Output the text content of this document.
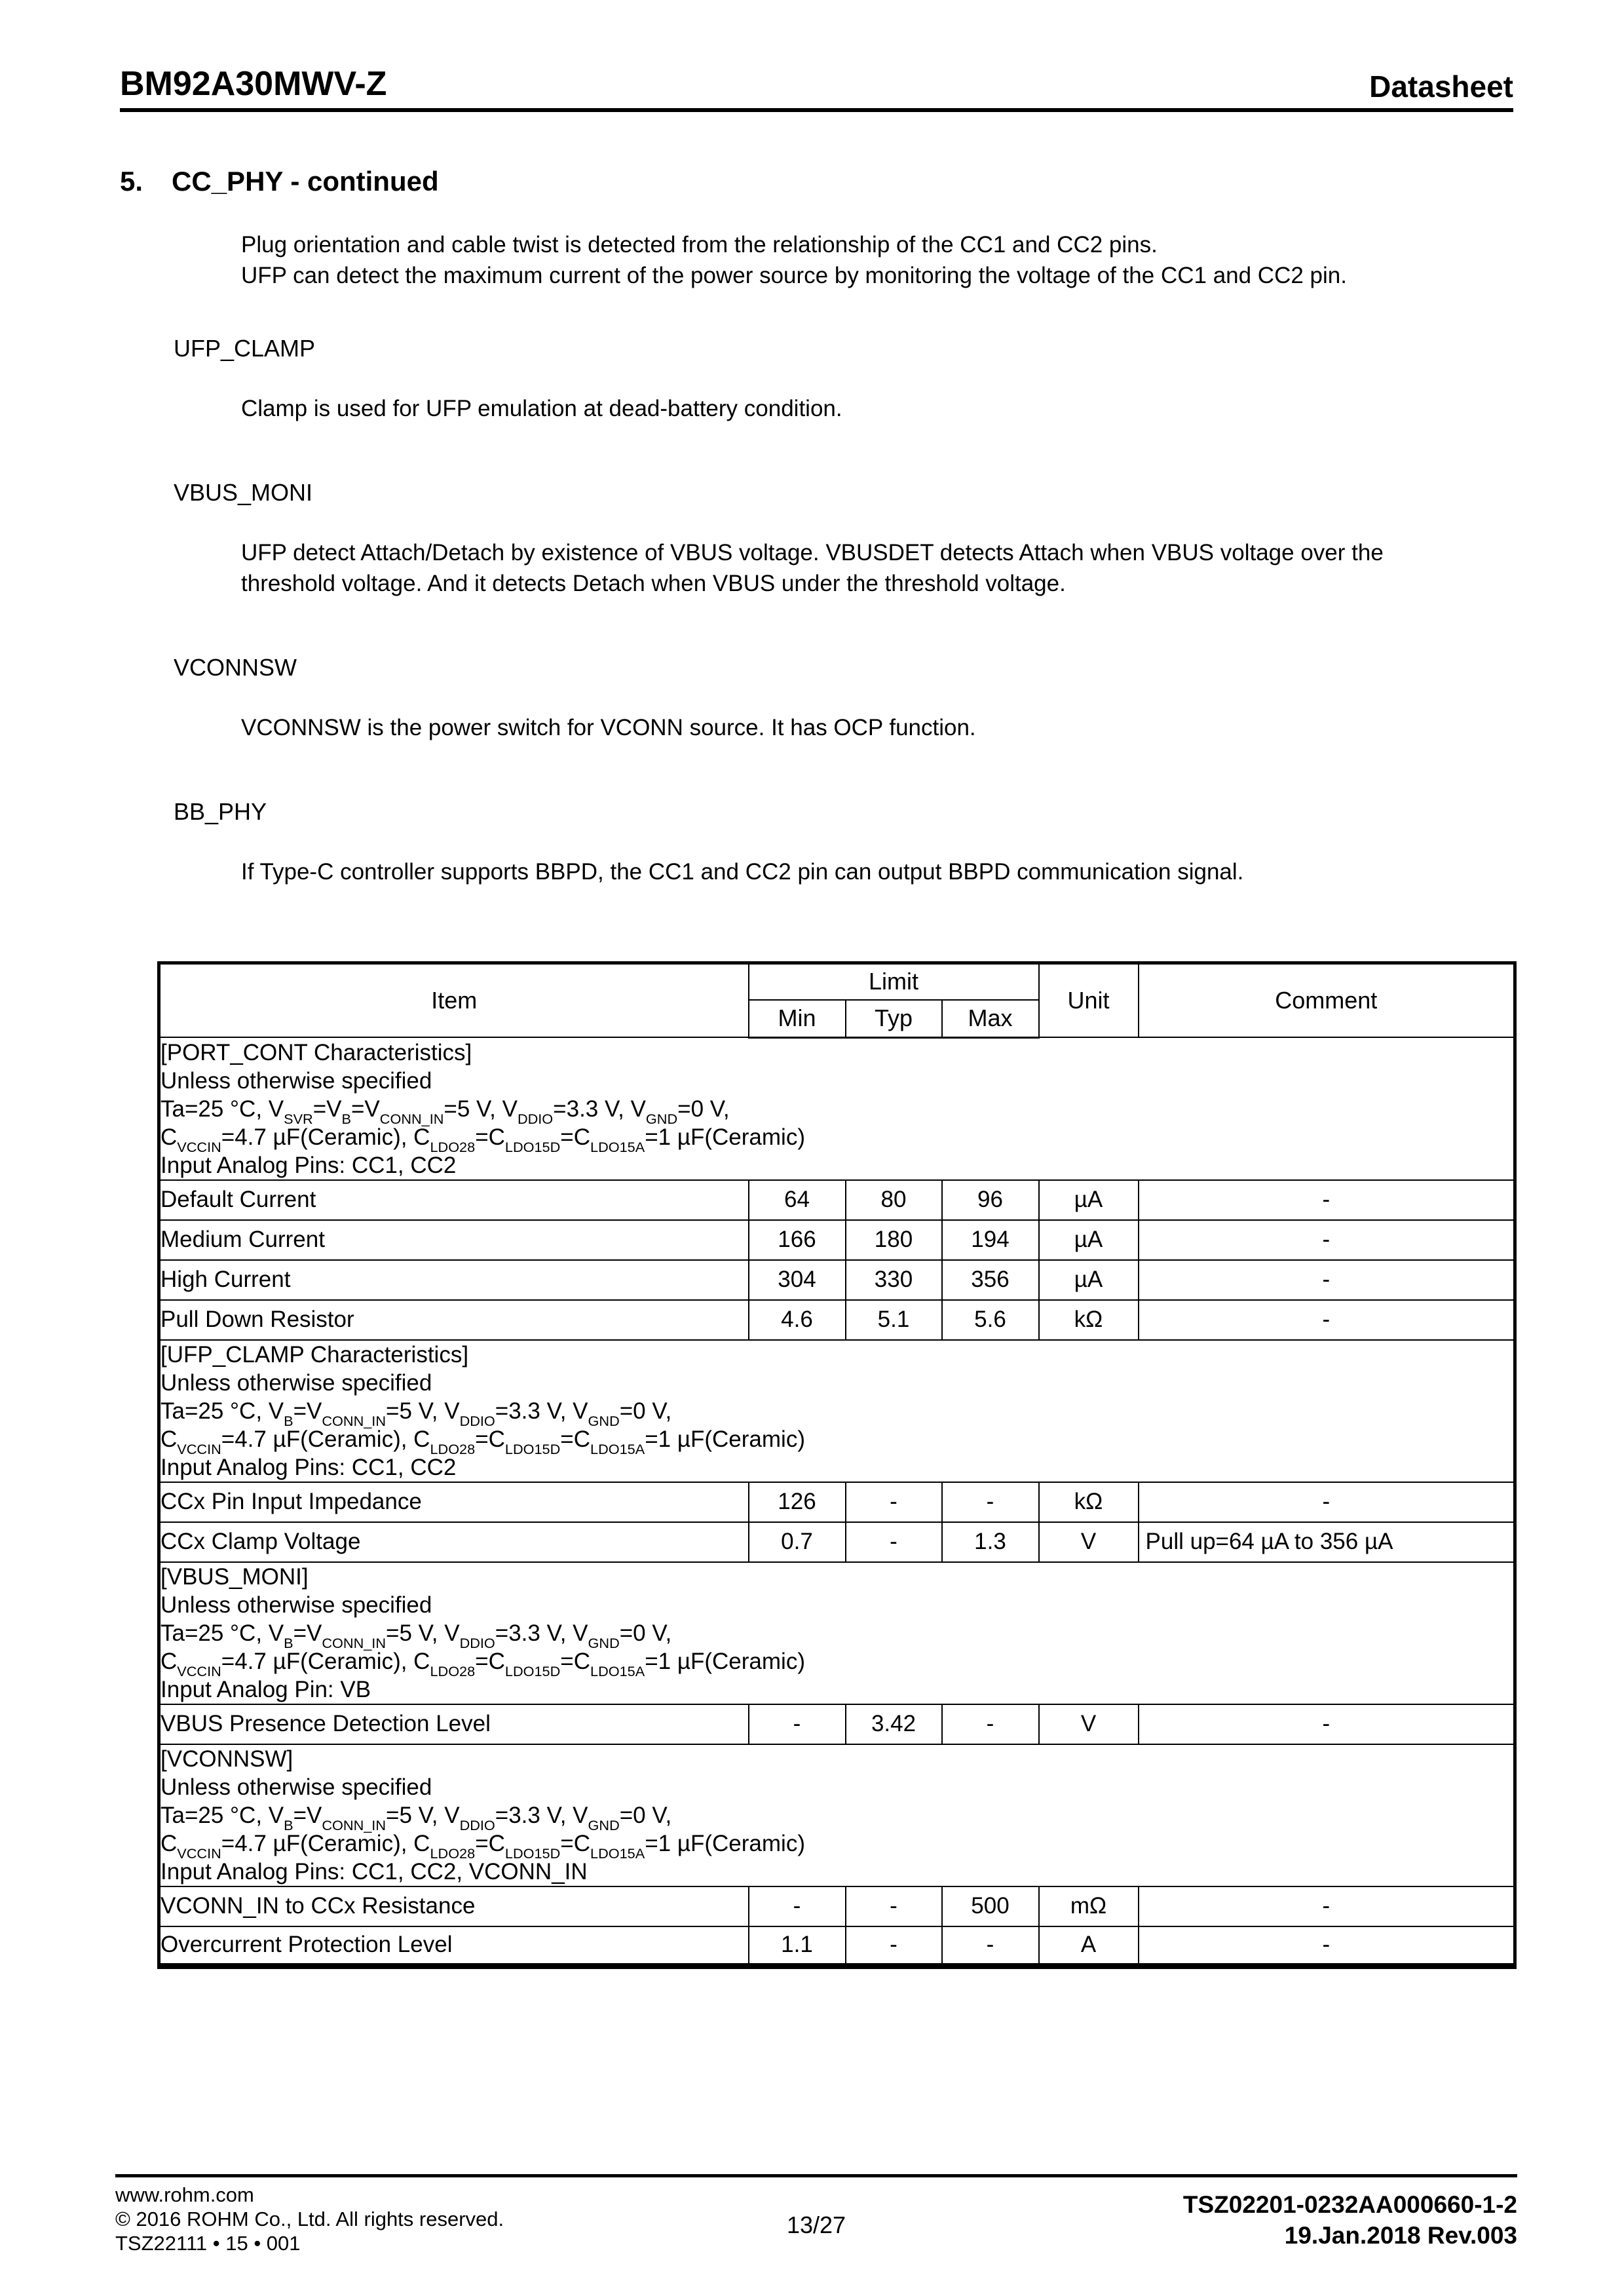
BM92A30MWV-Z	Datasheet
5. CC_PHY - continued
Plug orientation and cable twist is detected from the relationship of the CC1 and CC2 pins.
UFP can detect the maximum current of the power source by monitoring the voltage of the CC1 and CC2 pin.
UFP_CLAMP
Clamp is used for UFP emulation at dead-battery condition.
VBUS_MONI
UFP detect Attach/Detach by existence of VBUS voltage. VBUSDET detects Attach when VBUS voltage over the threshold voltage. And it detects Detach when VBUS under the threshold voltage.
VCONNSW
VCONNSW is the power switch for VCONN source. It has OCP function.
BB_PHY
If Type-C controller supports BBPD, the CC1 and CC2 pin can output BBPD communication signal.
Item	Limit			Unit	Comment
	Min	Typ	Max		

[PORT_CONT Characteristics]
Unless otherwise specified
Ta=25 °C, $V_{SVR}=V_B=V_{CONN\_IN}=5$ V, $V_{DDIO}=3.3$ V, $V_{GND}=0$ V,
$C_{VCCIN}=4.7$ µF(Ceramic), $C_{LDO28}=C_{LDO15D}=C_{LDO15A}=1$ µF(Ceramic)
Input Analog Pins: CC1, CC2					

Default Current	64	80	96	µA	-
Medium Current	166	180	194	µA	-
High Current	304	330	356	µA	-
Pull Down Resistor	4.6	5.1	5.6	kΩ	-

[UFP_CLAMP Characteristics]
Unless otherwise specified
Ta=25 °C, $V_B=V_{CONN\_IN}=5$ V, $V_{DDIO}=3.3$ V, $V_{GND}=0$ V,
$C_{VCCIN}=4.7$ µF(Ceramic), $C_{LDO28}=C_{LDO15D}=C_{LDO15A}=1$ µF(Ceramic)
Input Analog Pins: CC1, CC2					

CCx Pin Input Impedance	126	-	-	kΩ	-
CCx Clamp Voltage	0.7	-	1.3	V	Pull up=64 µA to 356 µA

[VBUS_MONI]
Unless otherwise specified
Ta=25 °C, $V_B=V_{CONN\_IN}=5$ V, $V_{DDIO}=3.3$ V, $V_{GND}=0$ V,
$C_{VCCIN}=4.7$ µF(Ceramic), $C_{LDO28}=C_{LDO15D}=C_{LDO15A}=1$ µF(Ceramic)
Input Analog Pin: VB					

VBUS Presence Detection Level	-	3.42	-	V	-

[VCONNSW]
Unless otherwise specified
Ta=25 °C, $V_B=V_{CONN\_IN}=5$ V, $V_{DDIO}=3.3$ V, $V_{GND}=0$ V,
$C_{VCCIN}=4.7$ µF(Ceramic), $C_{LDO28}=C_{LDO15D}=C_{LDO15A}=1$ µF(Ceramic)
Input Analog Pins: CC1, CC2, VCONN_IN					

VCONN_IN to CCx Resistance	-	-	500	mΩ	-
Overcurrent Protection Level	1.1	-	-	A	-
www.rohm.com
© 2016 ROHM Co., Ltd. All rights reserved.
TSZ22111 • 15 • 001
13/27
TSZ02201-0232AA000660-1-2
19.Jan.2018 Rev.003
